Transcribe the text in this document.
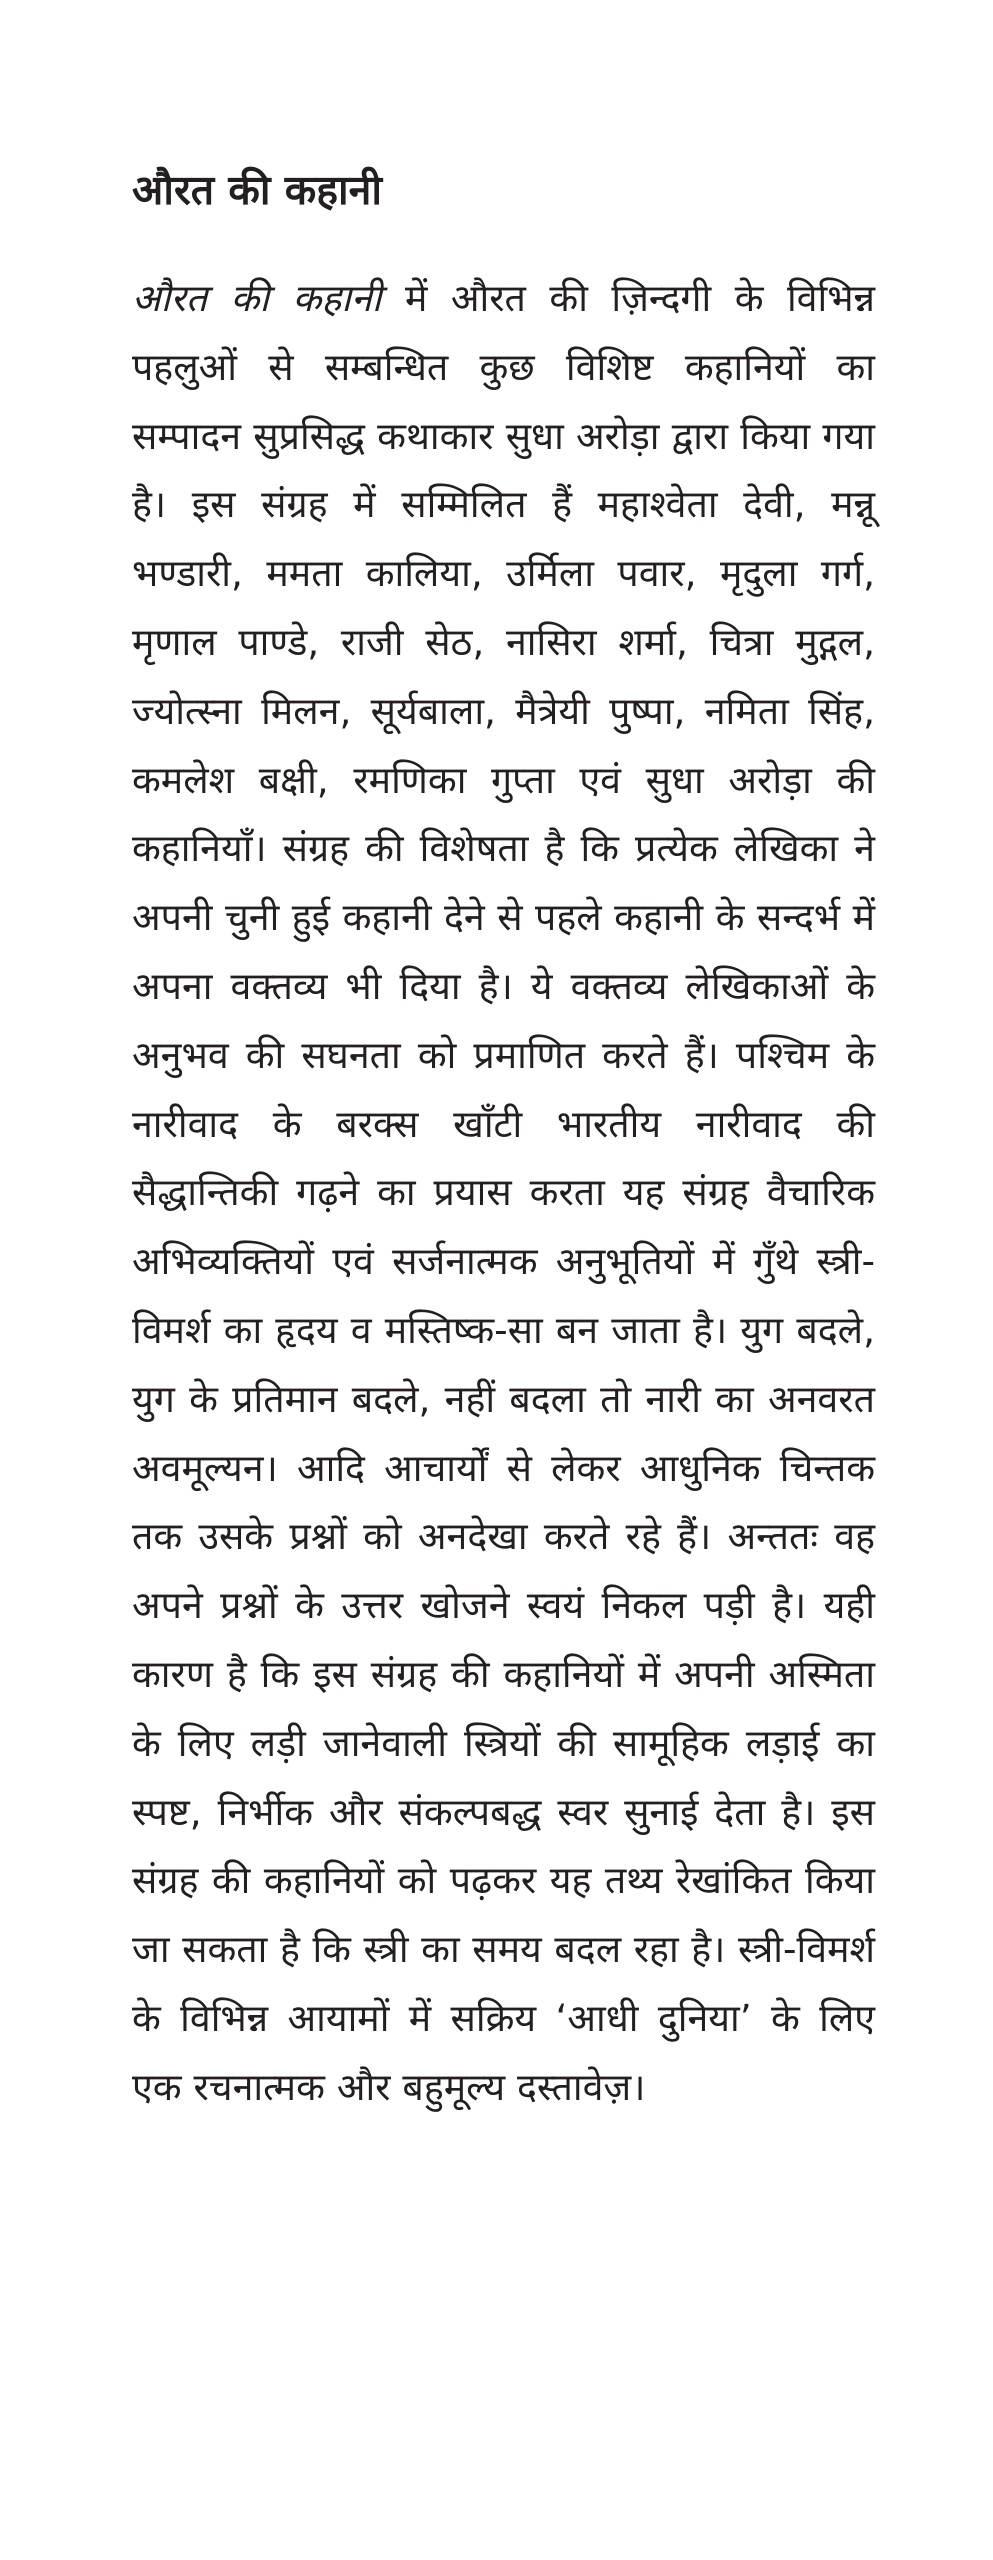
औरत की कहानी

औरत की कहानी में औरत की ज़िन्दगी के विभिन्न पहलुओं से सम्बन्धित कुछ विशिष्ट कहानियों का सम्पादन सुप्रसिद्ध कथाकार सुधा अरोड़ा द्वारा किया गया है। इस संग्रह में सम्मिलित हैं महाश्वेता देवी, मन्नू भण्डारी, ममता कालिया, उर्मिला पवार, मृदुला गर्ग, मृणाल पाण्डे, राजी सेठ, नासिरा शर्मा, चित्रा मुद्गल, ज्योत्स्ना मिलन, सूर्यबाला, मैत्रेयी पुष्पा, नमिता सिंह, कमलेश बक्षी, रमणिका गुप्ता एवं सुधा अरोड़ा की कहानियाँ। संग्रह की विशेषता है कि प्रत्येक लेखिका ने अपनी चुनी हुई कहानी देने से पहले कहानी के सन्दर्भ में अपना वक्तव्य भी दिया है। ये वक्तव्य लेखिकाओं के अनुभव की सघनता को प्रमाणित करते हैं। पश्चिम के नारीवाद के बरक्स खाँटी भारतीय नारीवाद की सैद्धान्तिकी गढ़ने का प्रयास करता यह संग्रह वैचारिक अभिव्यक्तियों एवं सर्जनात्मक अनुभूतियों में गुँथे स्त्री-विमर्श का हृदय व मस्तिष्क-सा बन जाता है। युग बदले, युग के प्रतिमान बदले, नहीं बदला तो नारी का अनवरत अवमूल्यन। आदि आचार्यों से लेकर आधुनिक चिन्तक तक उसके प्रश्नों को अनदेखा करते रहे हैं। अन्ततः वह अपने प्रश्नों के उत्तर खोजने स्वयं निकल पड़ी है। यही कारण है कि इस संग्रह की कहानियों में अपनी अस्मिता के लिए लड़ी जानेवाली स्त्रियों की सामूहिक लड़ाई का स्पष्ट, निर्भीक और संकल्पबद्ध स्वर सुनाई देता है। इस संग्रह की कहानियों को पढ़कर यह तथ्य रेखांकित किया जा सकता है कि स्त्री का समय बदल रहा है। स्त्री-विमर्श के विभिन्न आयामों में सक्रिय ‘आधी दुनिया’ के लिए एक रचनात्मक और बहुमूल्य दस्तावेज़।
